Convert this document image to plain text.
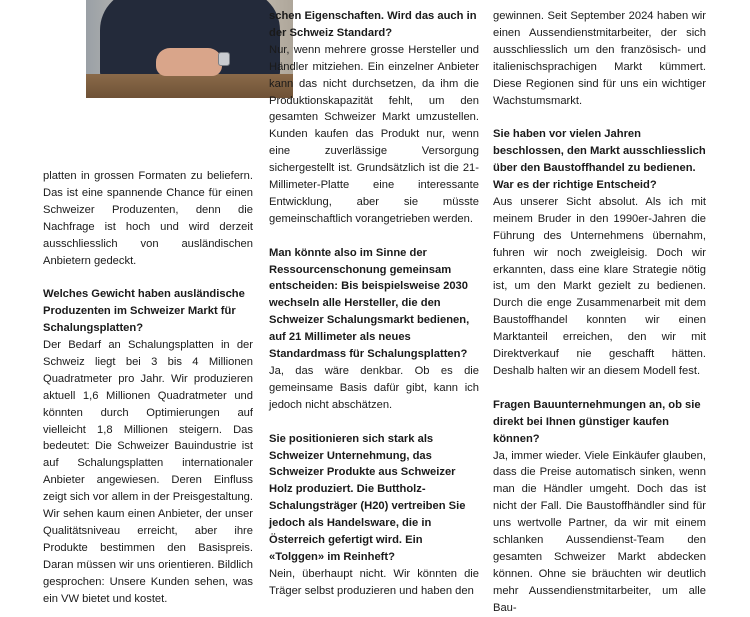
platten in grossen Formaten zu beliefern. Das ist eine spannende Chance für einen Schweizer Produzenten, denn die Nachfrage ist hoch und wird derzeit ausschliesslich von ausländischen Anbietern gedeckt.

Welches Gewicht haben ausländische Produzenten im Schweizer Markt für Schalungsplatten?

Der Bedarf an Schalungsplatten in der Schweiz liegt bei 3 bis 4 Millionen Quadratmeter pro Jahr. Wir produzieren aktuell 1,6 Millionen Quadratmeter und könnten durch Optimierungen auf vielleicht 1,8 Millionen steigern. Das bedeutet: Die Schweizer Bauindustrie ist auf Schalungsplatten internationaler Anbieter angewiesen. Deren Einfluss zeigt sich vor allem in der Preisgestaltung. Wir sehen kaum einen Anbieter, der unser Qualitätsniveau erreicht, aber ihre Produkte bestimmen den Basispreis. Daran müssen wir uns orientieren. Bildlich gesprochen: Unsere Kunden sehen, was ein VW bietet und kostet.

schen Eigenschaften. Wird das auch in der Schweiz Standard?

Nur, wenn mehrere grosse Hersteller und Händler mitziehen. Ein einzelner Anbieter kann das nicht durchsetzen, da ihm die Produktionskapazität fehlt, um den gesamten Schweizer Markt umzustellen. Kunden kaufen das Produkt nur, wenn eine zuverlässige Versorgung sichergestellt ist. Grundsätzlich ist die 21-Millimeter-Platte eine interessante Entwicklung, aber sie müsste gemeinschaftlich vorangetrieben werden.

Man könnte also im Sinne der Ressourcenschonung gemeinsam entscheiden: Bis beispielsweise 2030 wechseln alle Hersteller, die den Schweizer Schalungsmarkt bedienen, auf 21 Millimeter als neues Standardmass für Schalungsplatten?

Ja, das wäre denkbar. Ob es die gemeinsame Basis dafür gibt, kann ich jedoch nicht abschätzen.

Sie positionieren sich stark als Schweizer Unternehmung, das Schweizer Produkte aus Schweizer Holz produziert. Die Buttholz-Schalungsträger (H20) vertreiben Sie jedoch als Handelsware, die in Österreich gefertigt wird. Ein «Tolggen» im Reinheft?

Nein, überhaupt nicht. Wir könnten die Träger selbst produzieren und haben den

gewinnen. Seit September 2024 haben wir einen Aussendienstmitarbeiter, der sich ausschliesslich um den französisch- und italienischsprachigen Markt kümmert. Diese Regionen sind für uns ein wichtiger Wachstumsmarkt.

Sie haben vor vielen Jahren beschlossen, den Markt ausschliesslich über den Baustoffhandel zu bedienen. War es der richtige Entscheid?

Aus unserer Sicht absolut. Als ich mit meinem Bruder in den 1990er-Jahren die Führung des Unternehmens übernahm, fuhren wir noch zweigleisig. Doch wir erkannten, dass eine klare Strategie nötig ist, um den Markt gezielt zu bedienen. Durch die enge Zusammenarbeit mit dem Baustoffhandel konnten wir einen Marktanteil erreichen, den wir mit Direktverkauf nie geschafft hätten. Deshalb halten wir an diesem Modell fest.

Fragen Bauunternehmungen an, ob sie direkt bei Ihnen günstiger kaufen können?

Ja, immer wieder. Viele Einkäufer glauben, dass die Preise automatisch sinken, wenn man die Händler umgeht. Doch das ist nicht der Fall. Die Baustoffhändler sind für uns wertvolle Partner, da wir mit einem schlanken Aussendienst-Team den gesamten Schweizer Markt abdecken können. Ohne sie bräuchten wir deutlich mehr Aussendienstmitarbeiter, um alle Bau-
